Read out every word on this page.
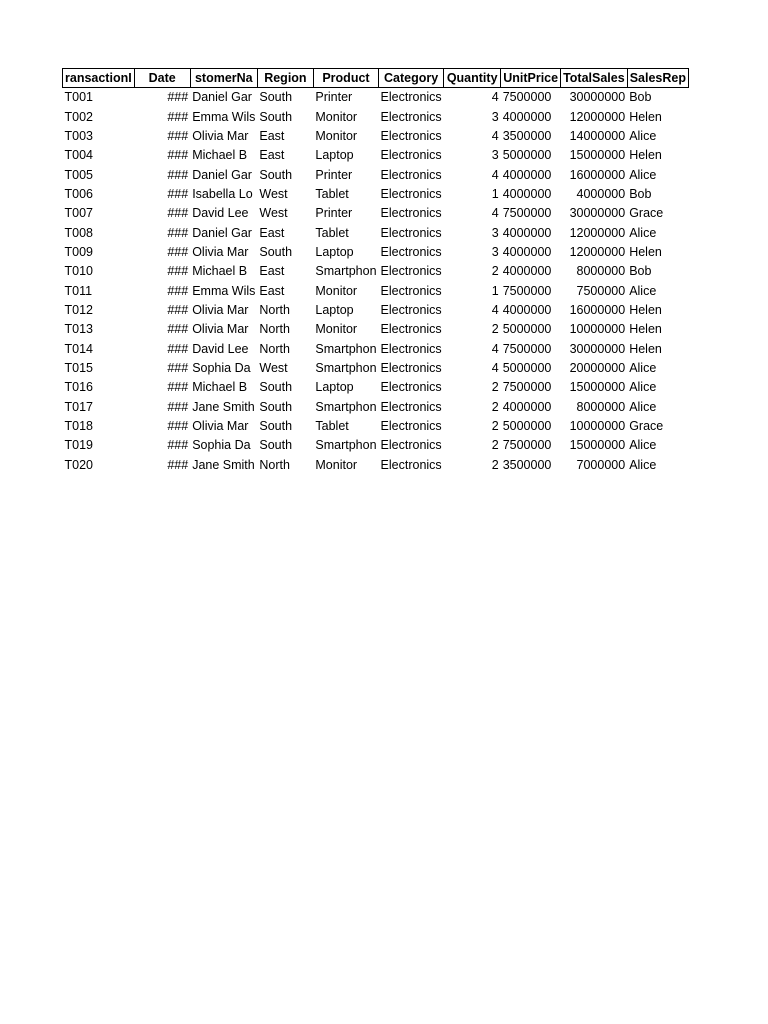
ransactionI	Date	stomerNa	Region	Product	Category	Quantity	UnitPrice	TotalSales	SalesRep
T001	###	Daniel Gar	South	Printer	Electronics	4	7500000	30000000	Bob
T002	###	Emma Wils	South	Monitor	Electronics	3	4000000	12000000	Helen
T003	###	Olivia Mar	East	Monitor	Electronics	4	3500000	14000000	Alice
T004	###	Michael B	East	Laptop	Electronics	3	5000000	15000000	Helen
T005	###	Daniel Gar	South	Printer	Electronics	4	4000000	16000000	Alice
T006	###	Isabella Lo	West	Tablet	Electronics	1	4000000	4000000	Bob
T007	###	David Lee	West	Printer	Electronics	4	7500000	30000000	Grace
T008	###	Daniel Gar	East	Tablet	Electronics	3	4000000	12000000	Alice
T009	###	Olivia Mar	South	Laptop	Electronics	3	4000000	12000000	Helen
T010	###	Michael B	East	Smartphon	Electronics	2	4000000	8000000	Bob
T011	###	Emma Wils	East	Monitor	Electronics	1	7500000	7500000	Alice
T012	###	Olivia Mar	North	Laptop	Electronics	4	4000000	16000000	Helen
T013	###	Olivia Mar	North	Monitor	Electronics	2	5000000	10000000	Helen
T014	###	David Lee	North	Smartphon	Electronics	4	7500000	30000000	Helen
T015	###	Sophia Da	West	Smartphon	Electronics	4	5000000	20000000	Alice
T016	###	Michael B	South	Laptop	Electronics	2	7500000	15000000	Alice
T017	###	Jane Smith	South	Smartphon	Electronics	2	4000000	8000000	Alice
T018	###	Olivia Mar	South	Tablet	Electronics	2	5000000	10000000	Grace
T019	###	Sophia Da	South	Smartphon	Electronics	2	7500000	15000000	Alice
T020	###	Jane Smith	North	Monitor	Electronics	2	3500000	7000000	Alice
